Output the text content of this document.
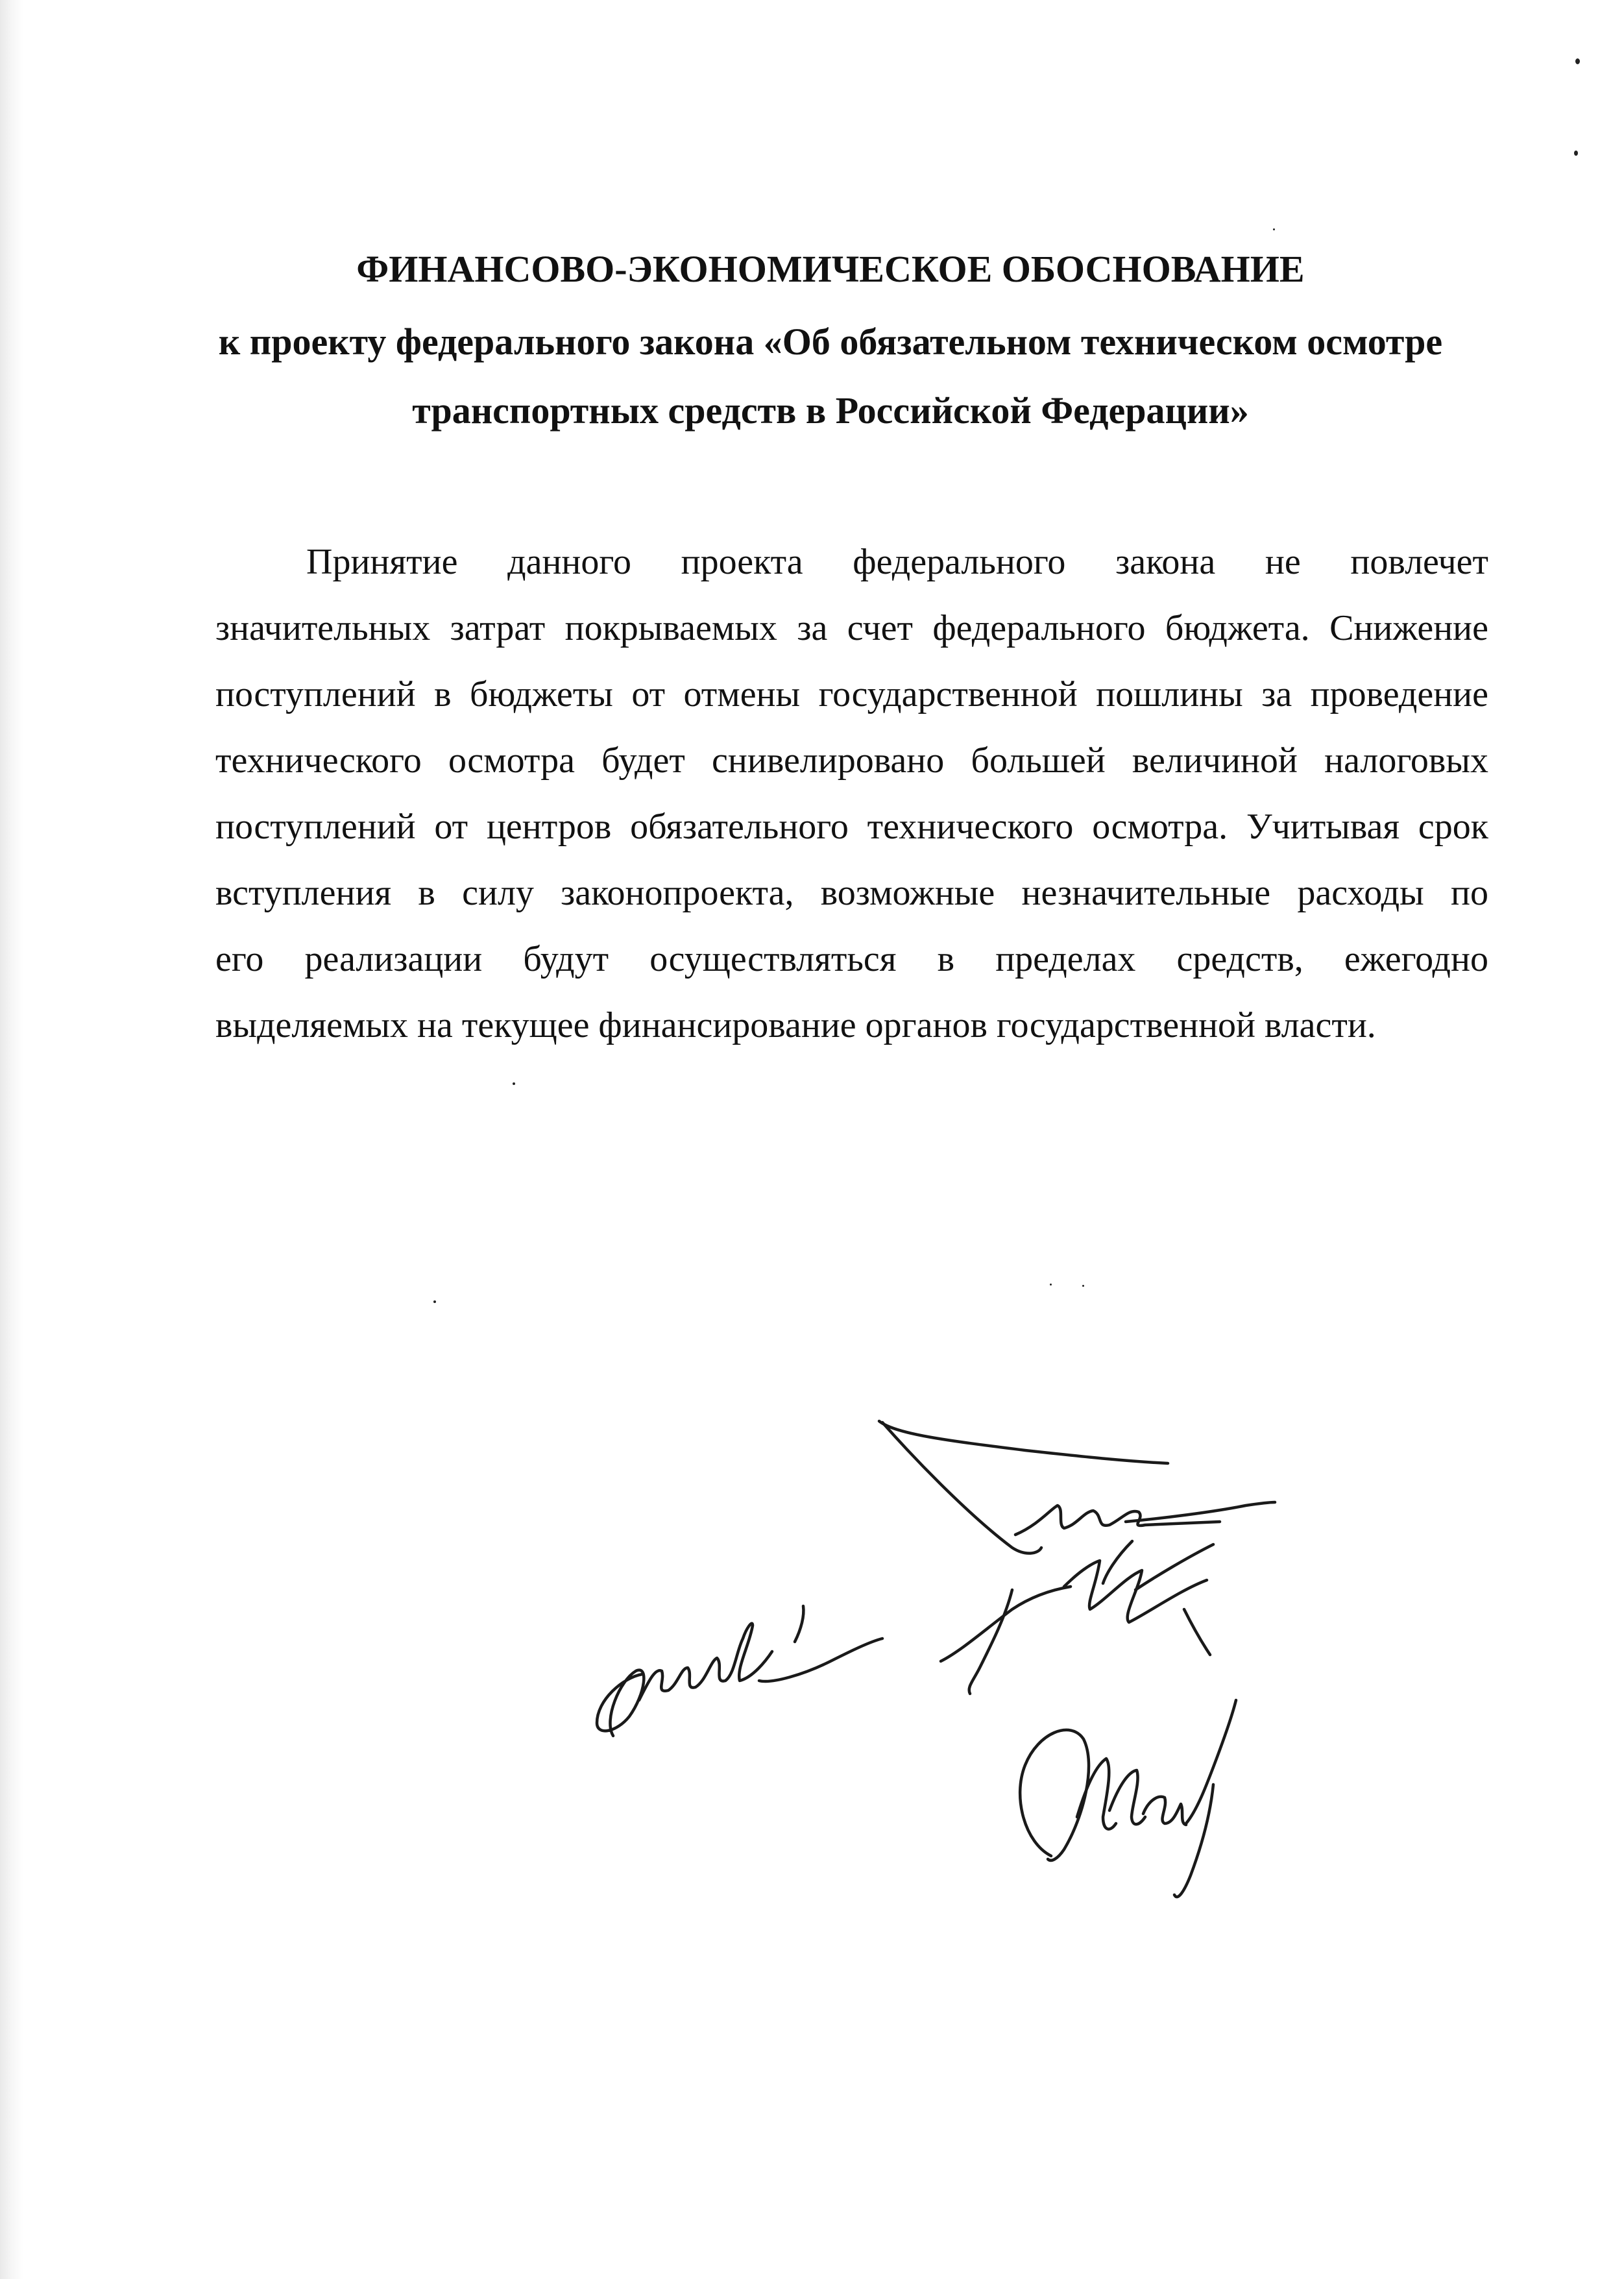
ФИНАНСОВО-ЭКОНОМИЧЕСКОЕ ОБОСНОВАНИЕ
к проекту федерального закона «Об обязательном техническом осмотре
транспортных средств в Российской Федерации»
Принятие данного проекта федерального закона не повлечет
значительных затрат покрываемых за счет федерального бюджета. Снижение
поступлений в бюджеты от отмены государственной пошлины за проведение
технического осмотра будет снивелировано большей величиной налоговых
поступлений от центров обязательного технического осмотра. Учитывая срок
вступления в силу законопроекта, возможные незначительные расходы по
его реализации будут осуществляться в пределах средств, ежегодно
выделяемых на текущее финансирование органов государственной власти.
